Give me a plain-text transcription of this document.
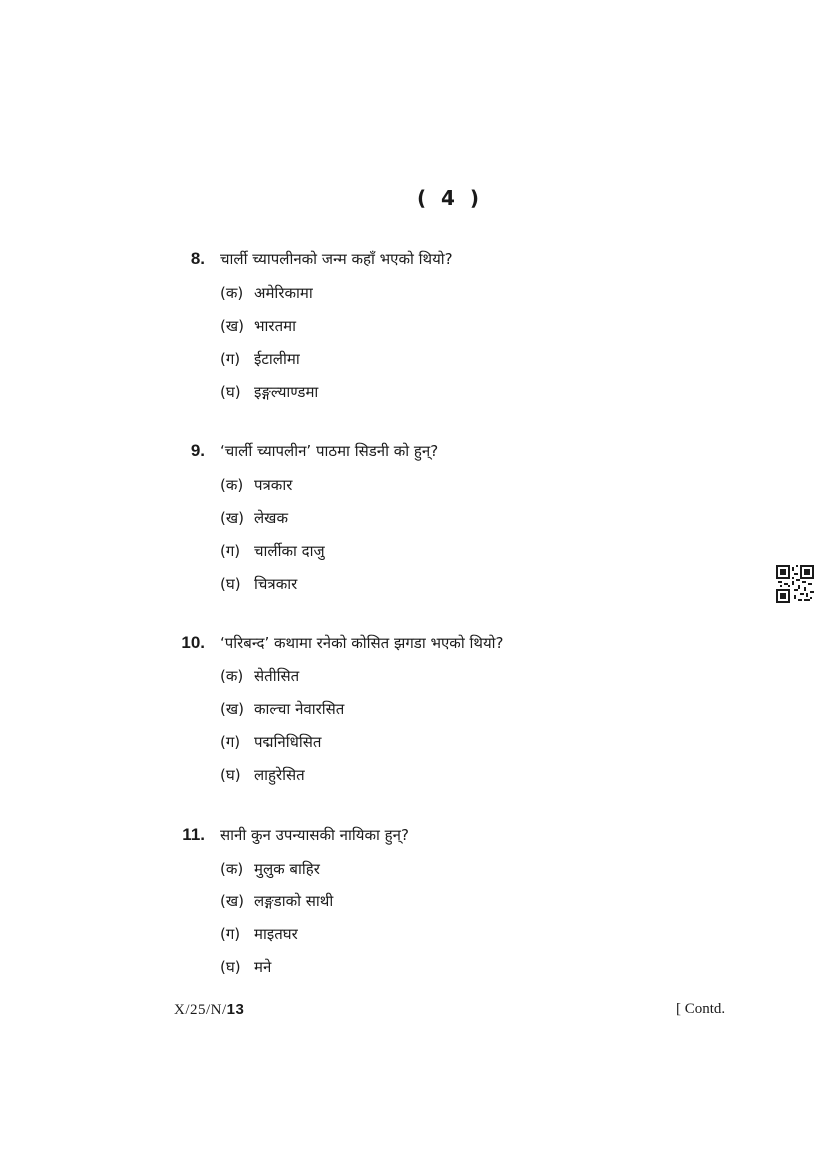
( 4 )
8. चार्ली च्यापलीनको जन्म कहाँ भएको थियो?
(क) अमेरिकामा
(ख) भारतमा
(ग) ईटालीमा
(घ) इङ्गल्याण्डमा
9. ‘चार्ली च्यापलीन’ पाठमा सिडनी को हुन्?
(क) पत्रकार
(ख) लेखक
(ग) चार्लीका दाजु
(घ) चित्रकार
10. ‘परिबन्द’ कथामा रनेको कोसित झगडा भएको थियो?
(क) सेतीसित
(ख) काल्चा नेवारसित
(ग) पद्मनिधिसित
(घ) लाहुरेसित
11. सानी कुन उपन्यासकी नायिका हुन्?
(क) मुलुक बाहिर
(ख) लङ्गडाको साथी
(ग) माइतघर
(घ) मने
X/25/N/13	[ Contd.
